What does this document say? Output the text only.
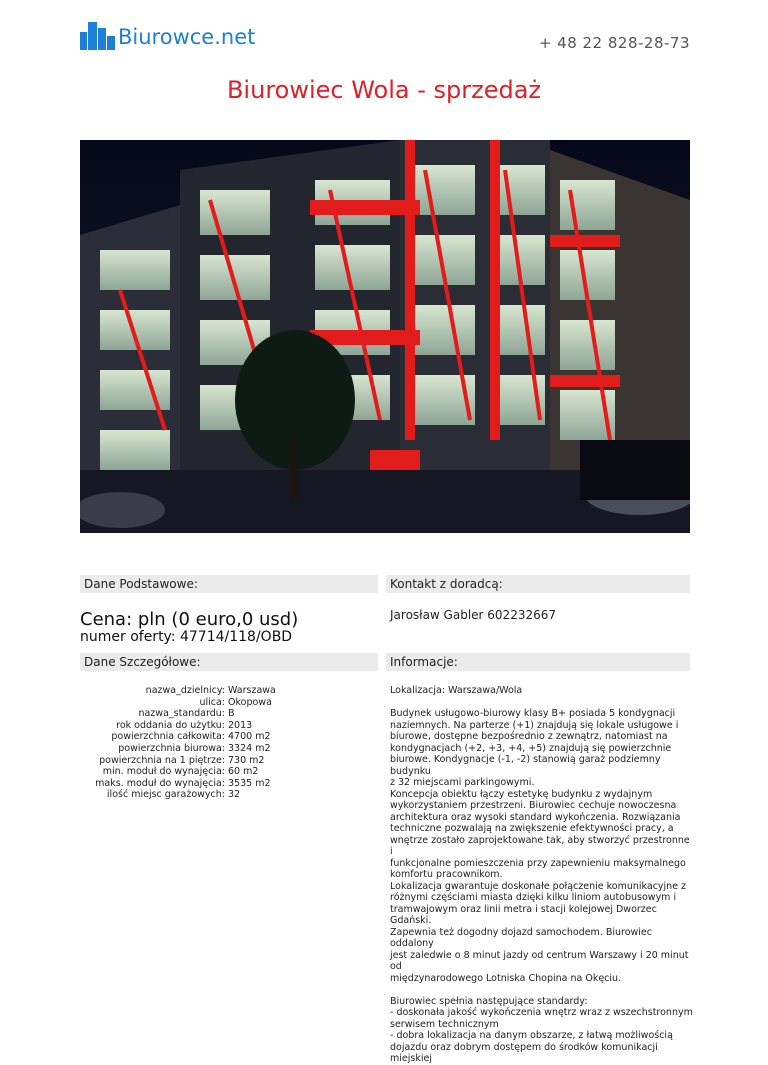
Biurowce.net	+ 48 22 828-28-73
Biurowiec Wola - sprzedaż
Dane Podstawowe:	Kontakt z doradcą:
Cena: pln (0 euro,0 usd)
numer oferty: 47714/118/OBD
Jarosław Gabler 602232667
Dane Szczegółowe:	Informacje:
nazwa_dzielnicy: Warszawa
ulica: Okopowa
nazwa_standardu: B
rok oddania do użytku: 2013
powierzchnia całkowita: 4700 m2
powierzchnia biurowa: 3324 m2
powierzchnia na 1 piętrze: 730 m2
min. moduł do wynajęcia: 60 m2
maks. moduł do wynajęcia: 3535 m2
ilość miejsc garażowych: 32

Lokalizacja: Warszawa/Wola

Budynek usługowo-biurowy klasy B+ posiada 5 kondygnacji

naziemnych. Na parterze (+1) znajdują się lokale usługowe i

biurowe, dostępne bezpośrednio z zewnątrz, natomiast na

kondygnacjach (+2, +3, +4, +5) znajdują się powierzchnie

biurowe. Kondygnacje (-1, -2) stanowią garaż podziemny budynku

z 32 miejscami parkingowymi.

Koncepcja obiektu łączy estetykę budynku z wydajnym

wykorzystaniem przestrzeni. Biurowiec cechuje nowoczesna

architektura oraz wysoki standard wykończenia. Rozwiązania

techniczne pozwalają na zwiększenie efektywności pracy, a

wnętrze zostało zaprojektowane tak, aby stworzyć przestronne i

funkcjonalne pomieszczenia przy zapewnieniu maksymalnego

komfortu pracownikom.

Lokalizacja gwarantuje doskonałe połączenie komunikacyjne z

różnymi częściami miasta dzięki kilku liniom autobusowym i

tramwajowym oraz linii metra i stacji kolejowej Dworzec Gdański.

Zapewnia też dogodny dojazd samochodem. Biurowiec oddalony

jest zaledwie o 8 minut jazdy od centrum Warszawy i 20 minut od

międzynarodowego Lotniska Chopina na Okęciu.

Biurowiec spełnia następujące standardy:

- doskonała jakość wykończenia wnętrz wraz z wszechstronnym

serwisem technicznym

- dobra lokalizacja na danym obszarze, z łatwą możliwością

dojazdu oraz dobrym dostępem do środków komunikacji miejskiej
